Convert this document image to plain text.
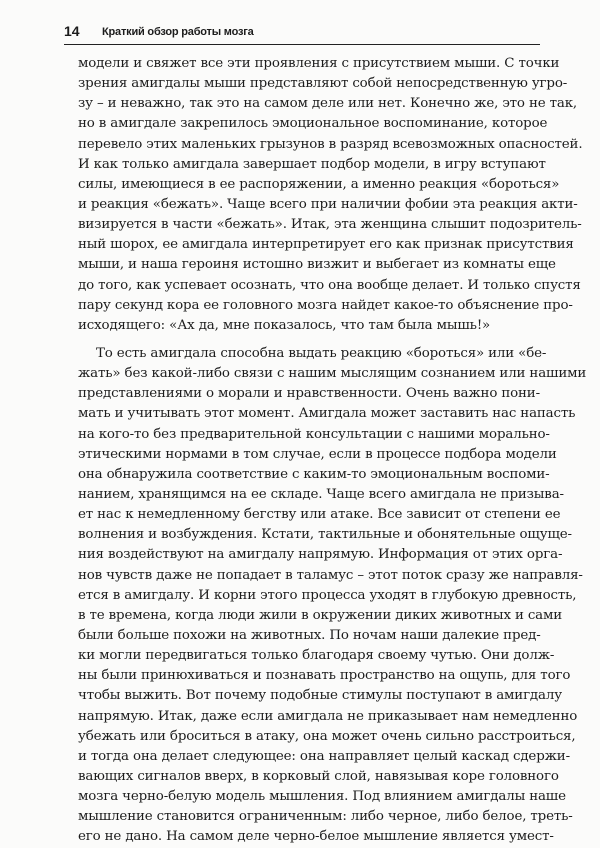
14	Краткий обзор работы мозга
модели и свяжет все эти проявления с присутствием мыши. С точки
зрения амигдалы мыши представляют собой непосредственную угро-
зу – и неважно, так это на самом деле или нет. Конечно же, это не так,
но в амигдале закрепилось эмоциональное воспоминание, которое
перевело этих маленьких грызунов в разряд всевозможных опасностей.
И как только амигдала завершает подбор модели, в игру вступают
силы, имеющиеся в ее распоряжении, а именно реакция «бороться»
и реакция «бежать». Чаще всего при наличии фобии эта реакция акти-
визируется в части «бежать». Итак, эта женщина слышит подозритель-
ный шорох, ее амигдала интерпретирует его как признак присутствия
мыши, и наша героиня истошно визжит и выбегает из комнаты еще
до того, как успевает осознать, что она вообще делает. И только спустя
пару секунд кора ее головного мозга найдет какое-то объяснение про-
исходящего: «Ах да, мне показалось, что там была мышь!»
То есть амигдала способна выдать реакцию «бороться» или «бе-
жать» без какой-либо связи с нашим мыслящим сознанием или нашими
представлениями о морали и нравственности. Очень важно пони-
мать и учитывать этот момент. Амигдала может заставить нас напасть
на кого-то без предварительной консультации с нашими морально-
этическими нормами в том случае, если в процессе подбора модели
она обнаружила соответствие с каким-то эмоциональным воспоми-
нанием, хранящимся на ее складе. Чаще всего амигдала не призыва-
ет нас к немедленному бегству или атаке. Все зависит от степени ее
волнения и возбуждения. Кстати, тактильные и обонятельные ощуще-
ния воздействуют на амигдалу напрямую. Информация от этих орга-
нов чувств даже не попадает в таламус – этот поток сразу же направля-
ется в амигдалу. И корни этого процесса уходят в глубокую древность,
в те времена, когда люди жили в окружении диких животных и сами
были больше похожи на животных. По ночам наши далекие пред-
ки могли передвигаться только благодаря своему чутью. Они долж-
ны были принюхиваться и познавать пространство на ощупь, для того
чтобы выжить. Вот почему подобные стимулы поступают в амигдалу
напрямую. Итак, даже если амигдала не приказывает нам немедленно
убежать или броситься в атаку, она может очень сильно расстроиться,
и тогда она делает следующее: она направляет целый каскад сдержи-
вающих сигналов вверх, в корковый слой, навязывая коре головного
мозга черно-белую модель мышления. Под влиянием амигдалы наше
мышление становится ограниченным: либо черное, либо белое, треть-
его не дано. На самом деле черно-белое мышление является умест-
